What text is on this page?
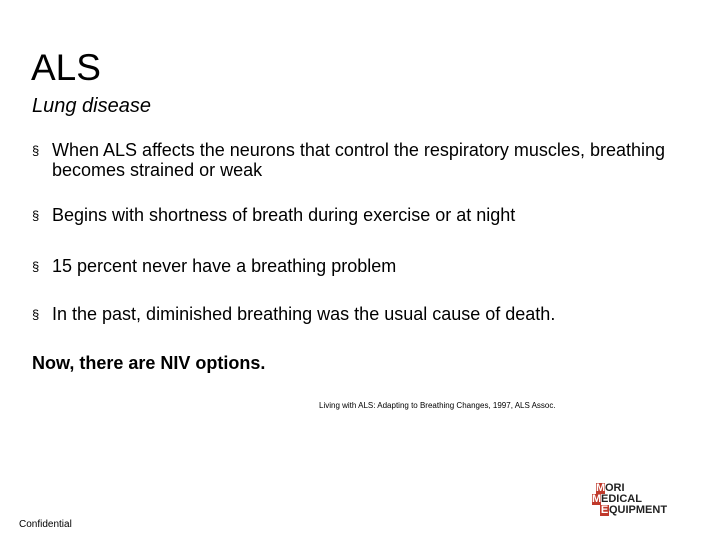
ALS
Lung disease
§ When ALS affects the neurons that control the respiratory muscles, breathing becomes strained or weak
§ Begins with shortness of breath during exercise or at night
§ 15 percent never have a breathing problem
§ In the past, diminished breathing was the usual cause of death.
Now, there are NIV options.
Living with ALS: Adapting to Breathing Changes, 1997, ALS Assoc.
Confidential
MORI
MEDICAL
EQUIPMENT
